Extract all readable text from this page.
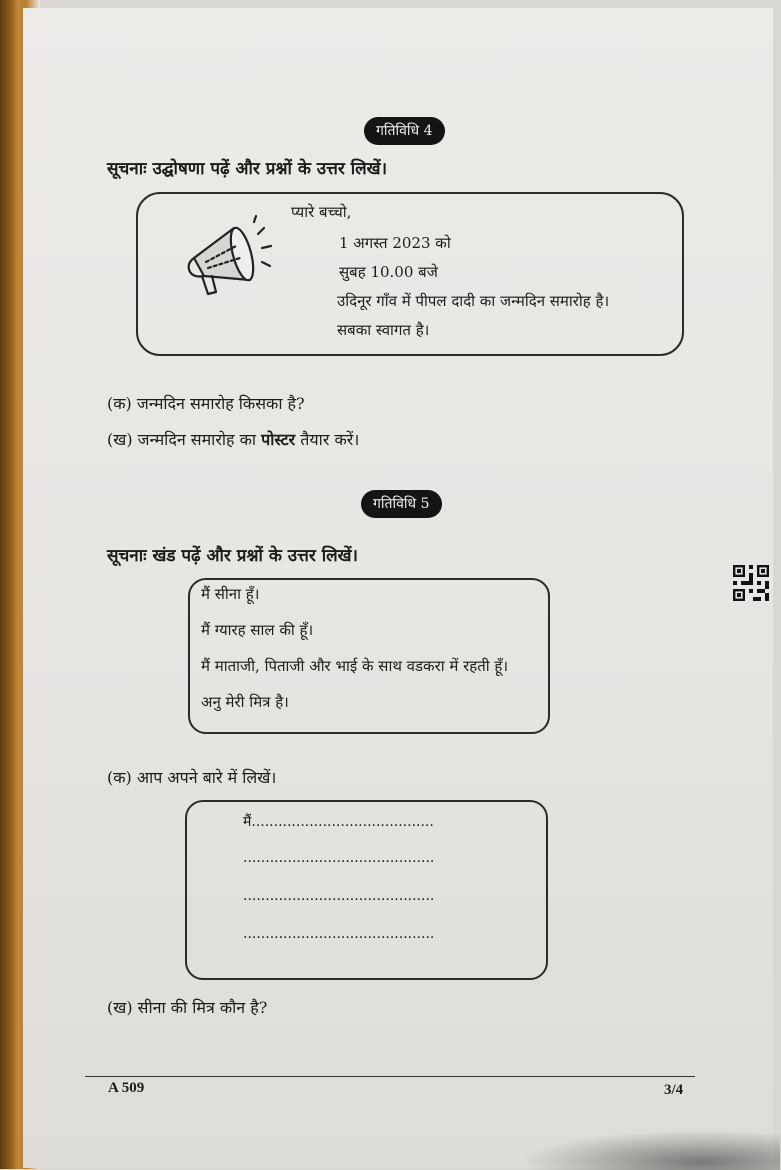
गतिविधि 4
सूचनाः उद्घोषणा पढ़ें और प्रश्नों के उत्तर लिखें।
प्यारे बच्चो,
1 अगस्त 2023 को
सुबह 10.00 बजे
उदिनूर गाँव में पीपल दादी का जन्मदिन समारोह है।
सबका स्वागत है।
(क) जन्मदिन समारोह किसका है?
(ख) जन्मदिन समारोह का पोस्टर तैयार करें।
गतिविधि 5
सूचनाः खंड पढ़ें और प्रश्नों के उत्तर लिखें।
मैं सीना हूँ।
मैं ग्यारह साल की हूँ।
मैं माताजी, पिताजी और भाई के साथ वडकरा में रहती हूँ।
अनु मेरी मित्र है।
(क) आप अपने बारे में लिखें।
मैं.........................................
...........................................
...........................................
...........................................
(ख) सीना की मित्र कौन है?
A 509	3/4
